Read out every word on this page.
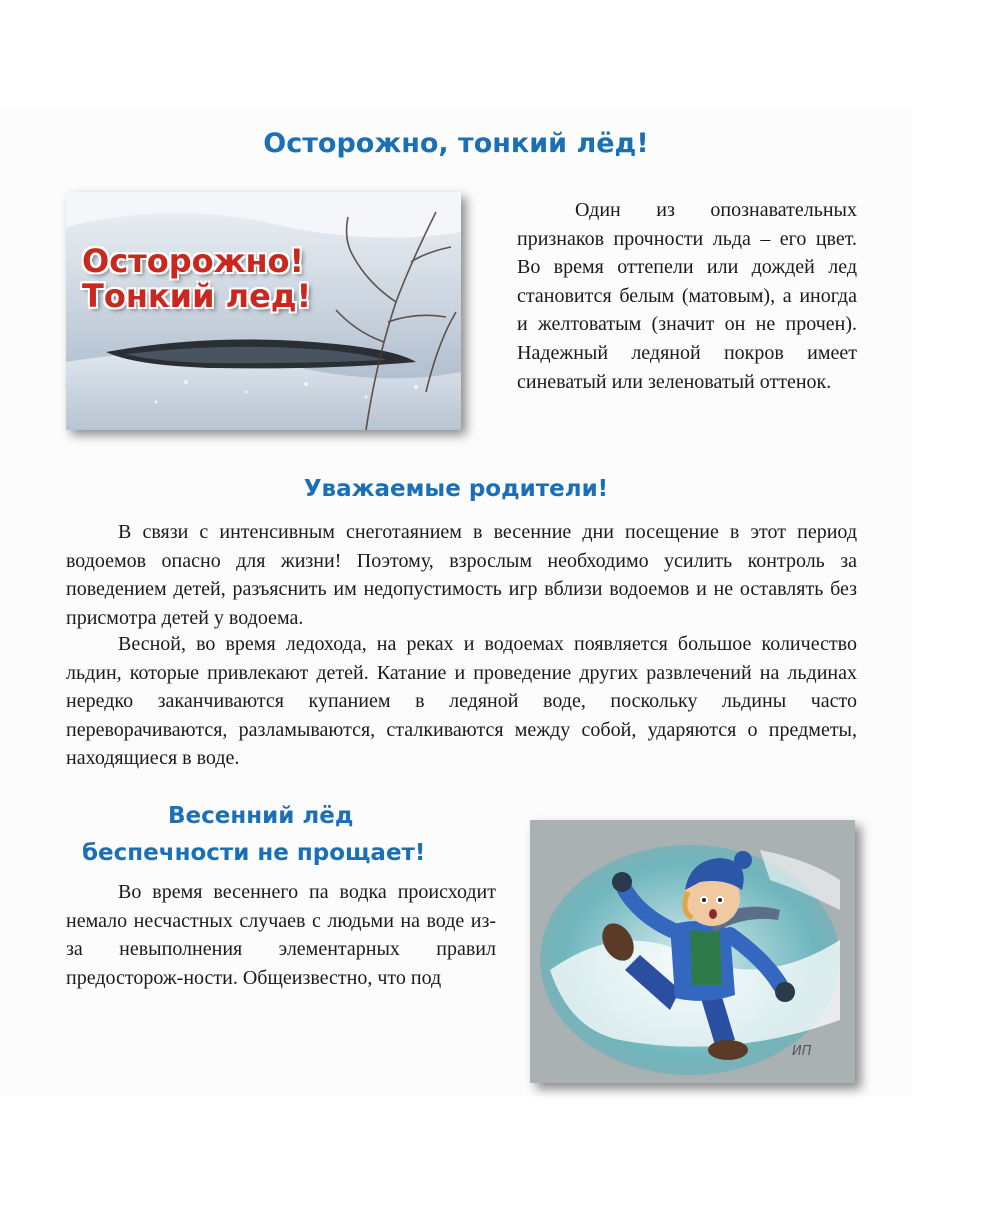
Осторожно, тонкий лёд!
Осторожно!
Тонкий лед!

Один из опознавательных признаков прочности льда – его цвет. Во время оттепели или дождей лед становится белым (матовым), а иногда и желтоватым (значит он не прочен). Надежный ледяной покров имеет синеватый или зеленоватый оттенок.

Уважаемые родители!

В связи с интенсивным снеготаянием в весенние дни посещение в этот период водоемов опасно для жизни! Поэтому, взрослым необходимо усилить контроль за поведением детей, разъяснить им недопустимость игр вблизи водоемов и не оставлять без присмотра детей у водоема.

Весной, во время ледохода, на реках и водоемах появляется большое количество льдин, которые привлекают детей. Катание и проведение других развлечений на льдинах нередко заканчиваются купанием в ледяной воде, поскольку льдины часто переворачиваются, разламываются, сталкиваются между собой, ударяются о предметы, находящиеся в воде.

Весенний лёд
беспечности не прощает!

Во время весеннего па водка происходит немало несчастных случаев с людьми на воде из-за невыполнения элементарных правил предосторож-ности. Общеизвестно, что под

ИП
